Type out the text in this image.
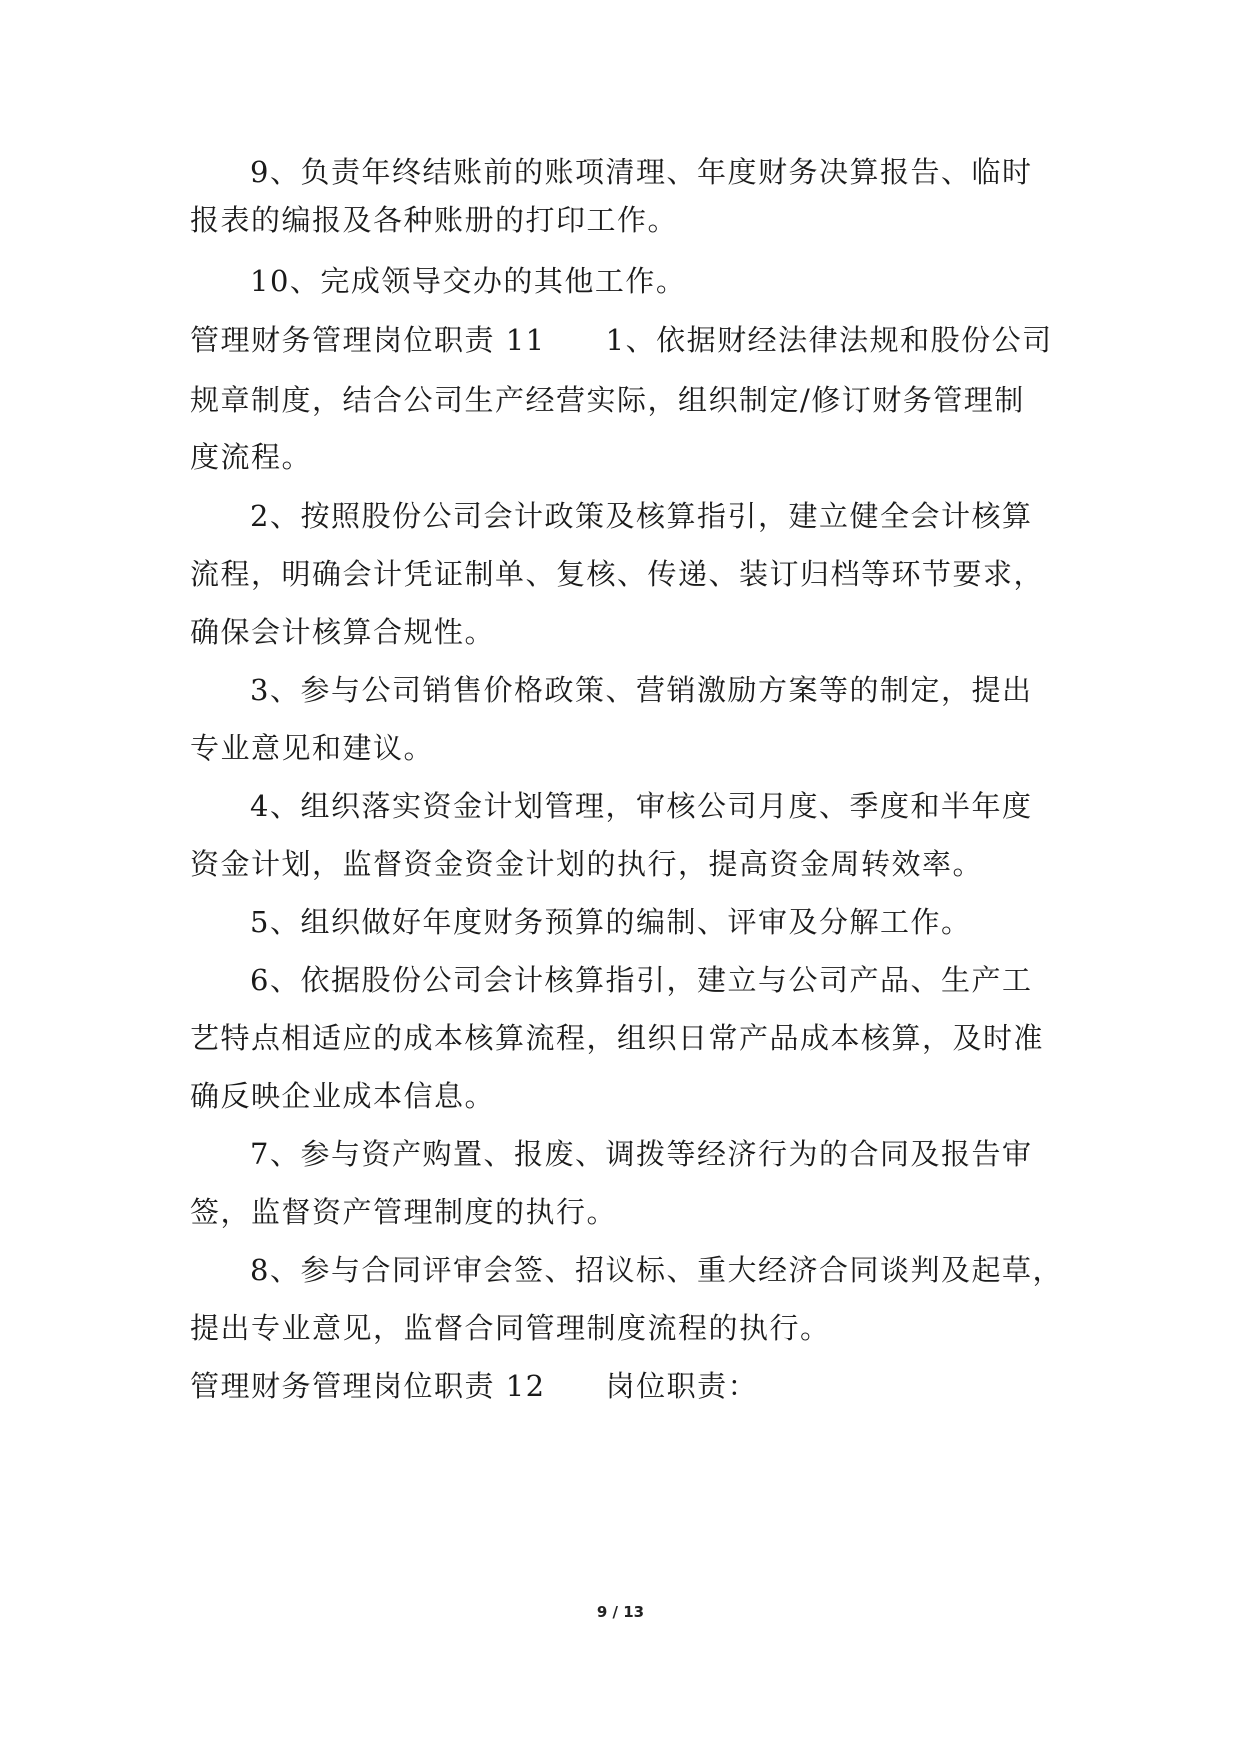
9、负责年终结账前的账项清理、年度财务决算报告、临时
报表的编报及各种账册的打印工作。
10、完成领导交办的其他工作。
管理财务管理岗位职责 11 1、依据财经法律法规和股份公司
规章制度，结合公司生产经营实际，组织制定/修订财务管理制
度流程。
2、按照股份公司会计政策及核算指引，建立健全会计核算
流程，明确会计凭证制单、复核、传递、装订归档等环节要求，
确保会计核算合规性。
3、参与公司销售价格政策、营销激励方案等的制定，提出
专业意见和建议。
4、组织落实资金计划管理，审核公司月度、季度和半年度
资金计划，监督资金资金计划的执行，提高资金周转效率。
5、组织做好年度财务预算的编制、评审及分解工作。
6、依据股份公司会计核算指引，建立与公司产品、生产工
艺特点相适应的成本核算流程，组织日常产品成本核算，及时准
确反映企业成本信息。
7、参与资产购置、报废、调拨等经济行为的合同及报告审
签，监督资产管理制度的执行。
8、参与合同评审会签、招议标、重大经济合同谈判及起草，
提出专业意见，监督合同管理制度流程的执行。
管理财务管理岗位职责 12 岗位职责：
9 / 13
